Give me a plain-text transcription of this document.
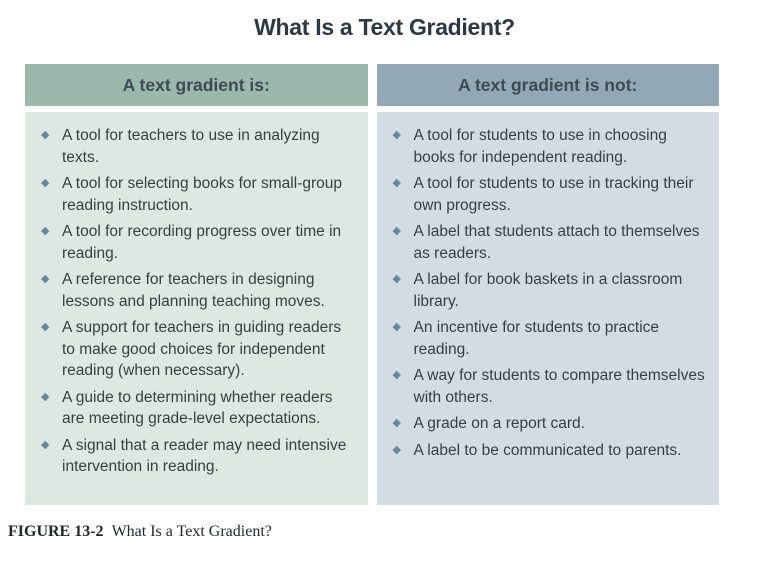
What Is a Text Gradient?
A text gradient is:
◆ A tool for teachers to use in analyzing texts.
◆ A tool for selecting books for small-group reading instruction.
◆ A tool for recording progress over time in reading.
◆ A reference for teachers in designing lessons and planning teaching moves.
◆ A support for teachers in guiding readers to make good choices for independent reading (when necessary).
◆ A guide to determining whether readers are meeting grade-level expectations.
◆ A signal that a reader may need intensive intervention in reading.
A text gradient is not:
◆ A tool for students to use in choosing books for independent reading.
◆ A tool for students to use in tracking their own progress.
◆ A label that students attach to themselves as readers.
◆ A label for book baskets in a classroom library.
◆ An incentive for students to practice reading.
◆ A way for students to compare themselves with others.
◆ A grade on a report card.
◆ A label to be communicated to parents.
FIGURE 13-2 What Is a Text Gradient?
